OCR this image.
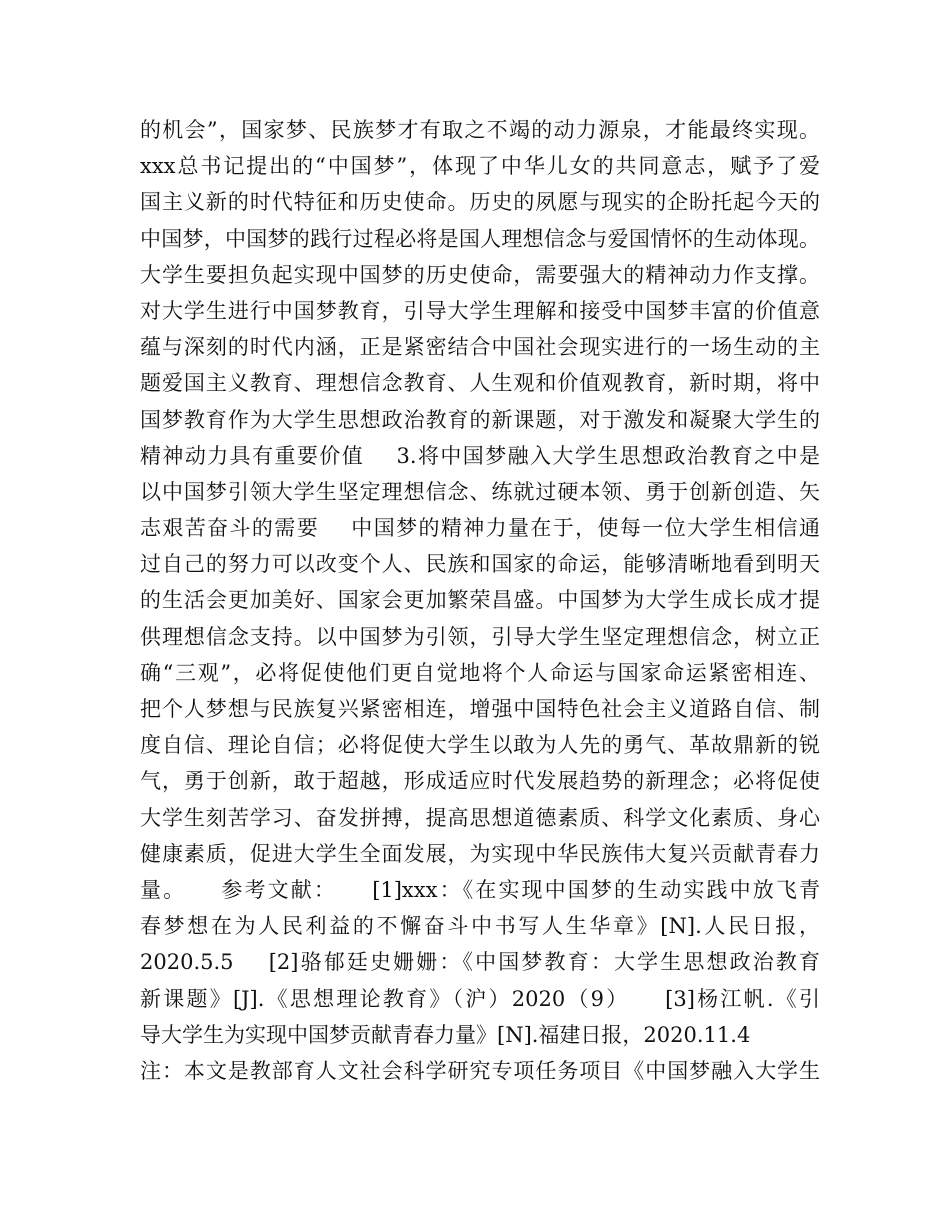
的机会”，国家梦、民族梦才有取之不竭的动力源泉，才能最终实现。
xxx总书记提出的“中国梦”，体现了中华儿女的共同意志，赋予了爱
国主义新的时代特征和历史使命。历史的夙愿与现实的企盼托起今天的
中国梦，中国梦的践行过程必将是国人理想信念与爱国情怀的生动体现。
大学生要担负起实现中国梦的历史使命，需要强大的精神动力作支撑。
对大学生进行中国梦教育，引导大学生理解和接受中国梦丰富的价值意
蕴与深刻的时代内涵，正是紧密结合中国社会现实进行的一场生动的主
题爱国主义教育、理想信念教育、人生观和价值观教育，新时期，将中
国梦教育作为大学生思想政治教育的新课题，对于激发和凝聚大学生的
精神动力具有重要价值    3.将中国梦融入大学生思想政治教育之中是
以中国梦引领大学生坚定理想信念、练就过硬本领、勇于创新创造、矢
志艰苦奋斗的需要    中国梦的精神力量在于，使每一位大学生相信通
过自己的努力可以改变个人、民族和国家的命运，能够清晰地看到明天
的生活会更加美好、国家会更加繁荣昌盛。中国梦为大学生成长成才提
供理想信念支持。以中国梦为引领，引导大学生坚定理想信念，树立正
确“三观”，必将促使他们更自觉地将个人命运与国家命运紧密相连、
把个人梦想与民族复兴紧密相连，增强中国特色社会主义道路自信、制
度自信、理论自信；必将促使大学生以敢为人先的勇气、革故鼎新的锐
气，勇于创新，敢于超越，形成适应时代发展趋势的新理念；必将促使
大学生刻苦学习、奋发拼搏，提高思想道德素质、科学文化素质、身心
健康素质，促进大学生全面发展，为实现中华民族伟大复兴贡献青春力
量。    参考文献：    [1]xxx：《在实现中国梦的生动实践中放飞青
春梦想在为人民利益的不懈奋斗中书写人生华章》[N].人民日报，
2020.5.5    [2]骆郁廷史姗姗：《中国梦教育：大学生思想政治教育
新课题》[J].《思想理论教育》（沪）2020（9）    [3]杨江帆.《引
导大学生为实现中国梦贡献青春力量》[N].福建日报，2020.11.4
注：本文是教部育人文社会科学研究专项任务项目《中国梦融入大学生
